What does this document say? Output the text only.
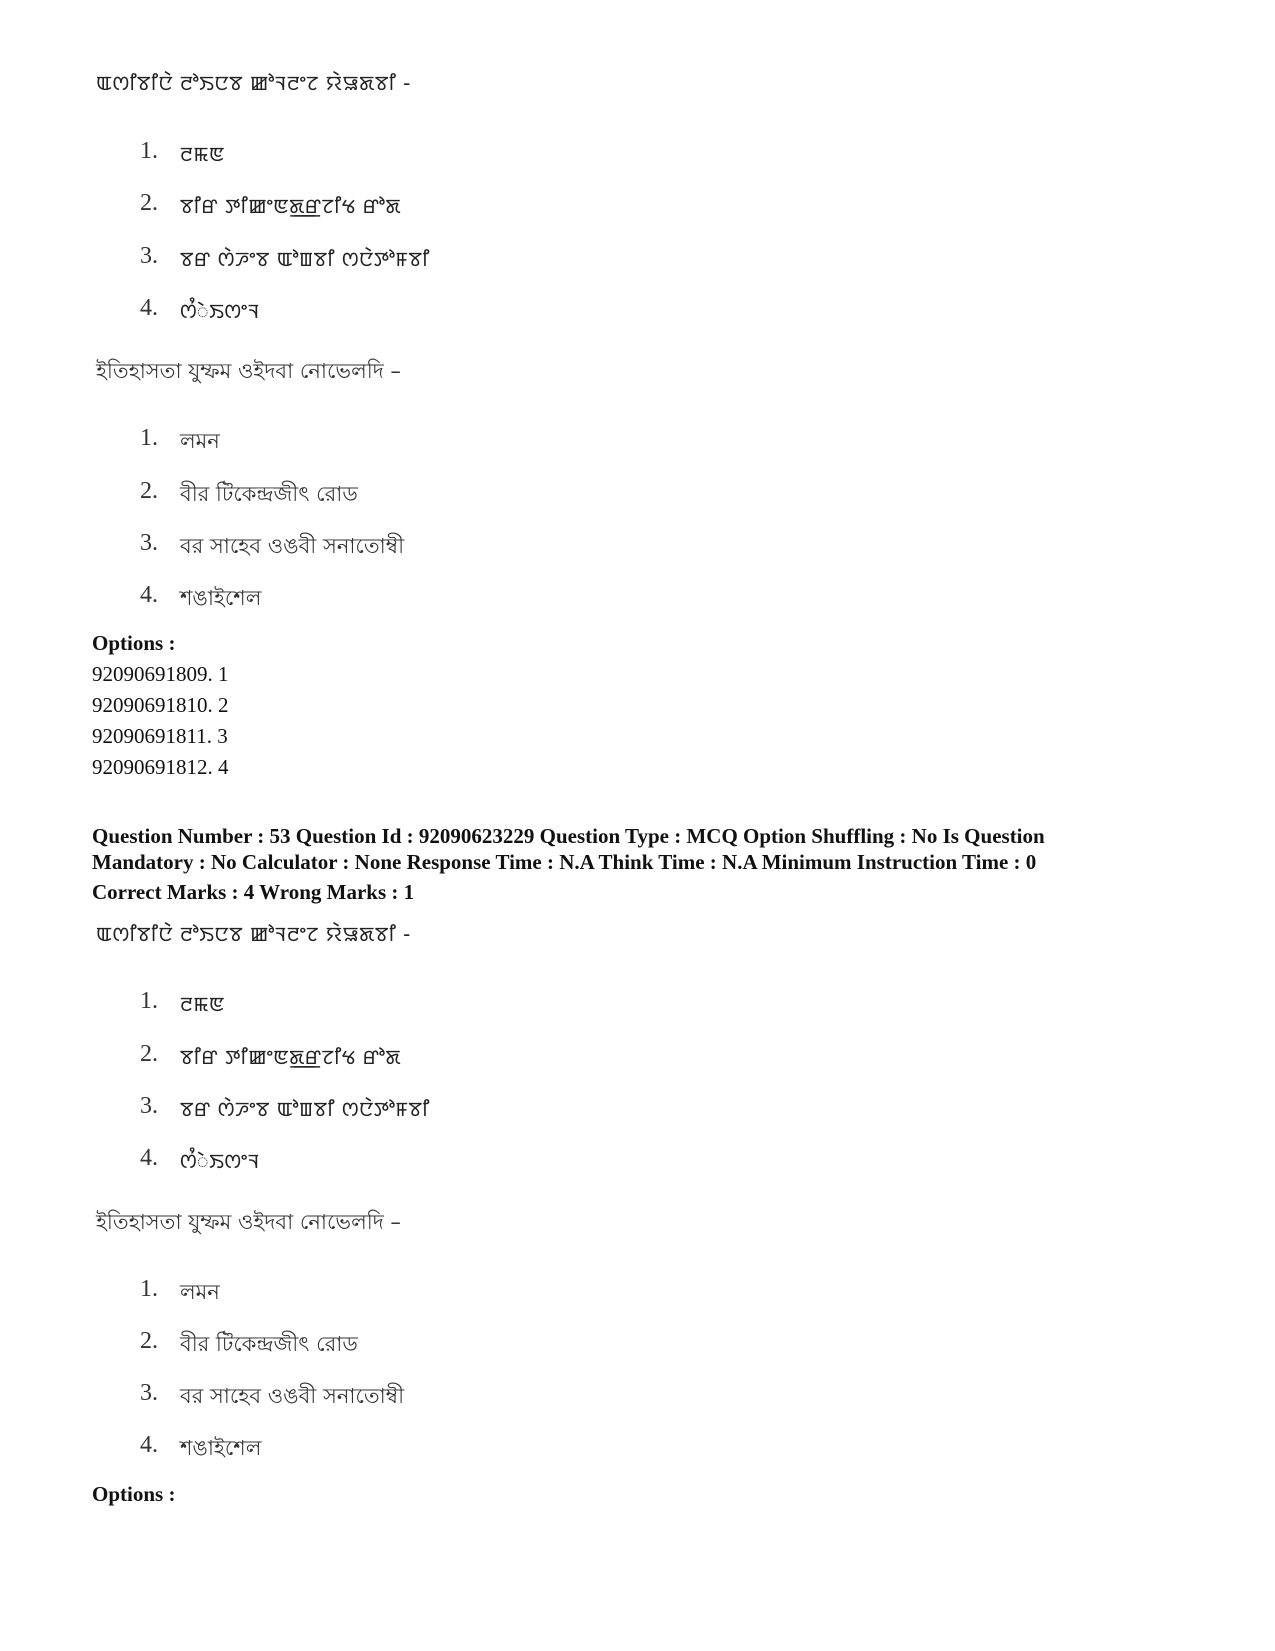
ꯑꯁꯤꯕꯤꯅꯥ ꯂꯣꯏꯅꯕ ꯀꯣꯜꯂꯦꯖ ꯌꯥꯎꯗꯕꯤ -
1. ꯂꯃꯟ
2. ꯕꯤꯔ ꯇꯤꯀꯦꯟꯗ꯭ꯔꯖꯤꯠ ꯔꯣꯗ
3. ꯕꯔ ꯁꯥꯍꯦꯕ ꯑꯣꯡꯕꯤ ꯁꯅꯥꯇꯣꯝꯕꯤ
4. ꯁꯪꯥꯏꯁꯦꯜ
ইতিহাসতা যুম্ফম ওইদবা নোভেলদি –
1. লমন
2. বীর টিকেন্দ্রজীৎ রোড
3. বর সাহেব ওঙবী সনাতোম্বী
4. শঙাইশেল
Options :
92090691809. 1
92090691810. 2
92090691811. 3
92090691812. 4
Question Number : 53 Question Id : 92090623229 Question Type : MCQ Option Shuffling : No Is Question
Mandatory : No Calculator : None Response Time : N.A Think Time : N.A Minimum Instruction Time : 0
Correct Marks : 4 Wrong Marks : 1
ꯑꯁꯤꯕꯤꯅꯥ ꯂꯣꯏꯅꯕ ꯀꯣꯜꯂꯦꯖ ꯌꯥꯎꯗꯕꯤ -
1. ꯂꯃꯟ
2. ꯕꯤꯔ ꯇꯤꯀꯦꯟꯗ꯭ꯔꯖꯤꯠ ꯔꯣꯗ
3. ꯕꯔ ꯁꯥꯍꯦꯕ ꯑꯣꯡꯕꯤ ꯁꯅꯥꯇꯣꯝꯕꯤ
4. ꯁꯪꯥꯏꯁꯦꯜ
ইতিহাসতা যুম্ফম ওইদবা নোভেলদি –
1. লমন
2. বীর টিকেন্দ্রজীৎ রোড
3. বর সাহেব ওঙবী সনাতোম্বী
4. শঙাইশেল
Options :
